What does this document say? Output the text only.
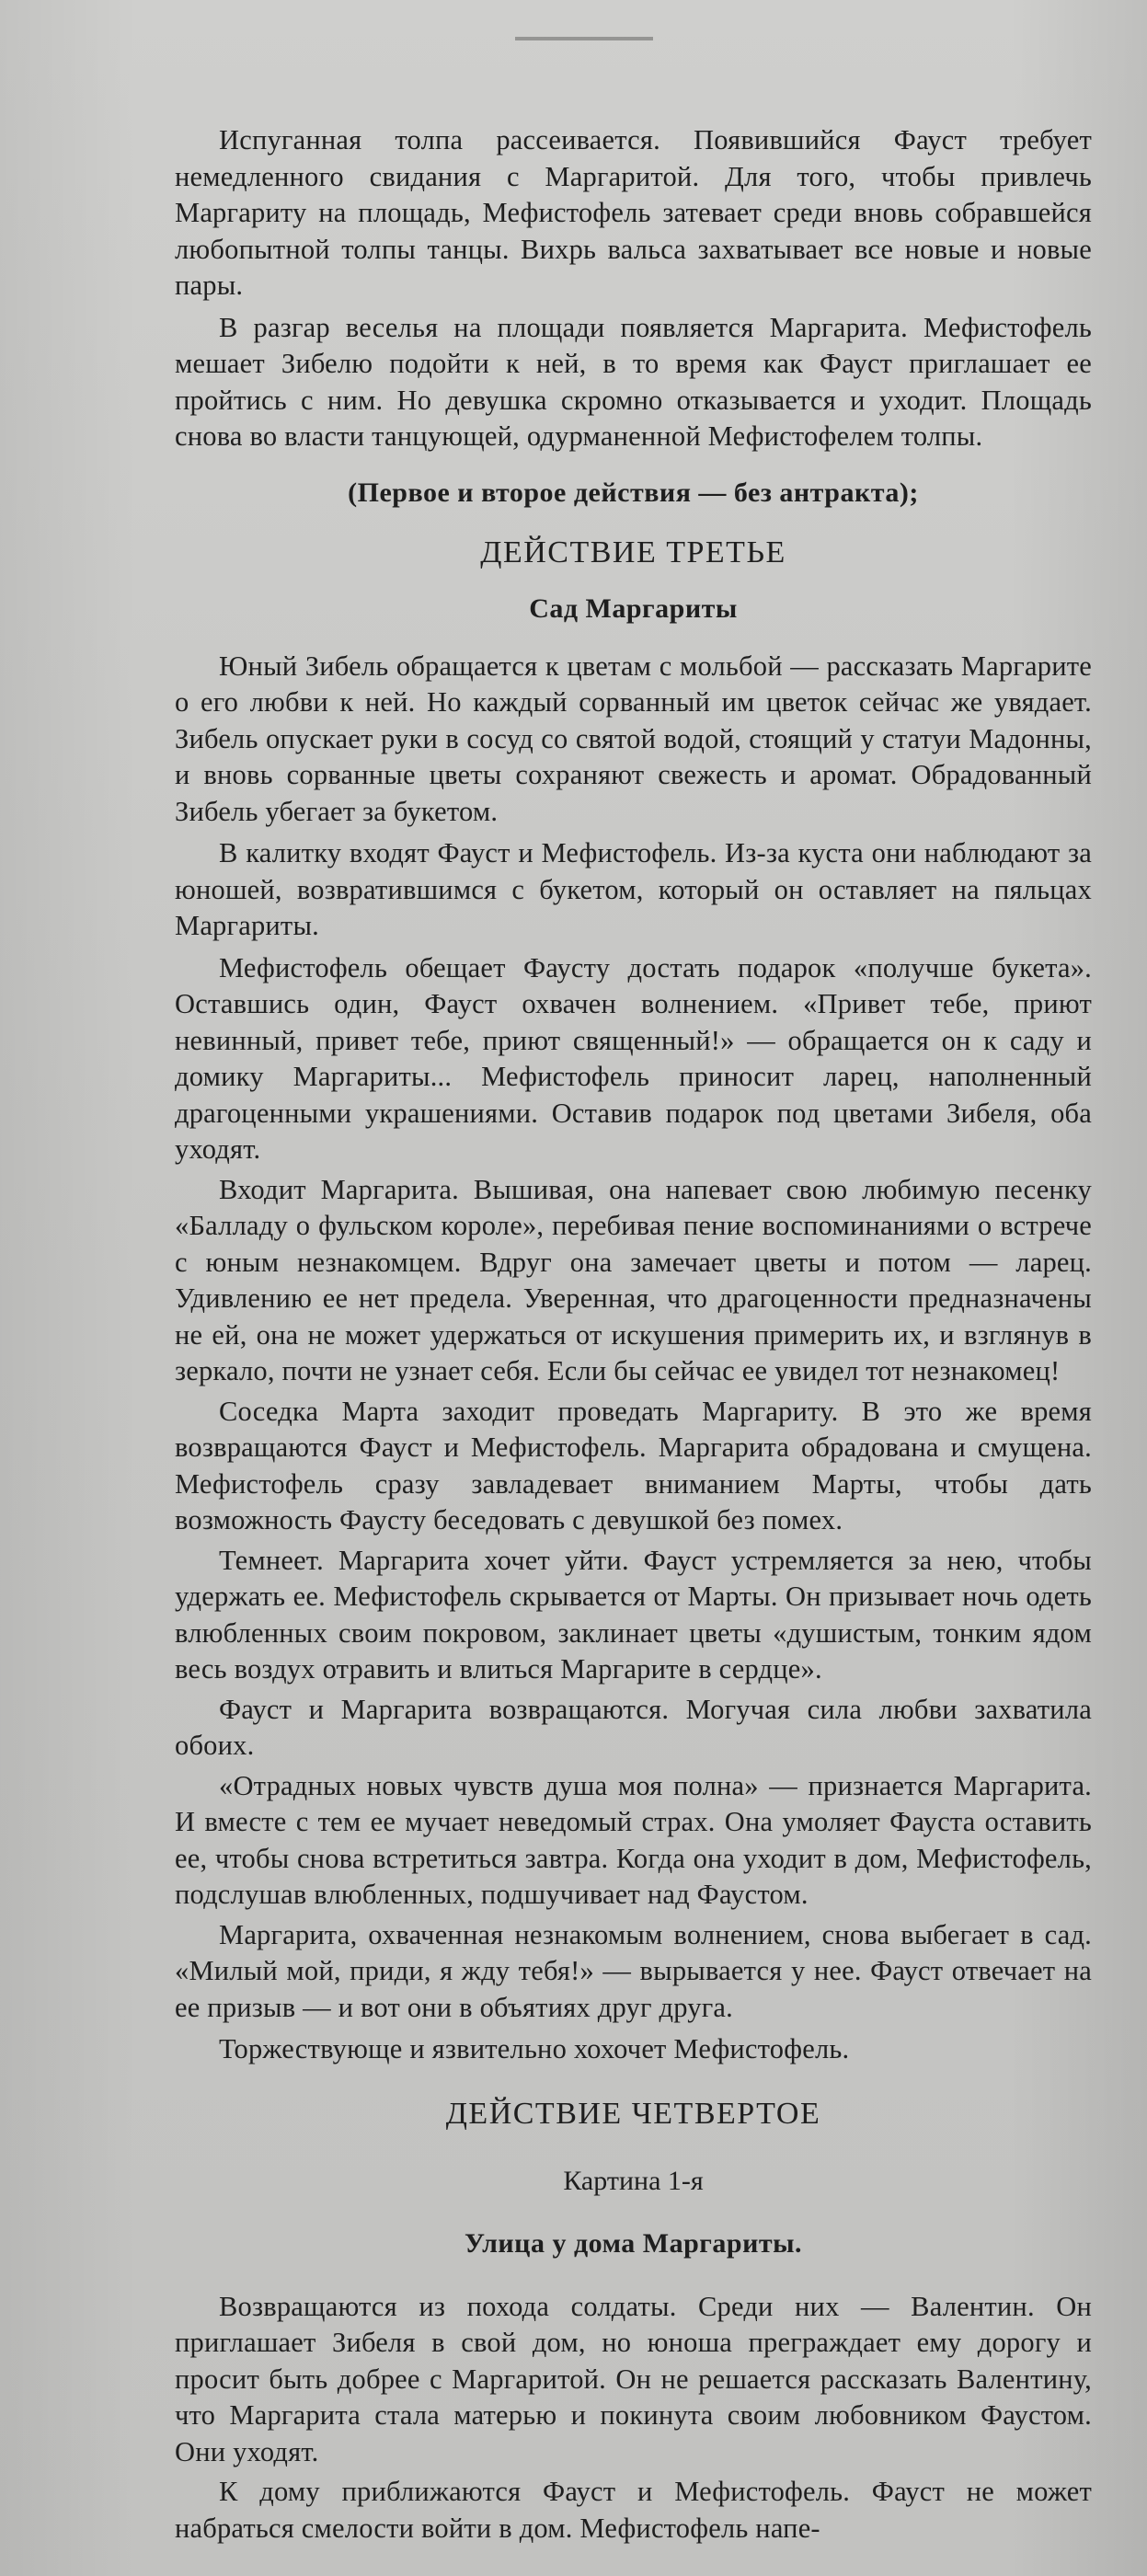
Испуганная толпа рассеивается. Появившийся Фауст требует немедленного свидания с Маргаритой. Для того, чтобы привлечь Маргариту на площадь, Мефистофель затевает среди вновь собравшейся любопытной толпы танцы. Вихрь вальса захватывает все новые и новые пары.

В разгар веселья на площади появляется Маргарита. Мефистофель мешает Зибелю подойти к ней, в то время как Фауст приглашает ее пройтись с ним. Но девушка скромно отказывается и уходит. Площадь снова во власти танцующей, одурманенной Мефистофелем толпы.

(Первое и второе действия — без антракта);

ДЕЙСТВИЕ ТРЕТЬЕ
Сад Маргариты

Юный Зибель обращается к цветам с мольбой — рассказать Маргарите о его любви к ней. Но каждый сорванный им цветок сейчас же увядает. Зибель опускает руки в сосуд со святой водой, стоящий у статуи Мадонны, и вновь сорванные цветы сохраняют свежесть и аромат. Обрадованный Зибель убегает за букетом.

В калитку входят Фауст и Мефистофель. Из-за куста они наблюдают за юношей, возвратившимся с букетом, который он оставляет на пяльцах Маргариты.

Мефистофель обещает Фаусту достать подарок «получше букета». Оставшись один, Фауст охвачен волнением. «Привет тебе, приют невинный, привет тебе, приют священный!» — обращается он к саду и домику Маргариты... Мефистофель приносит ларец, наполненный драгоценными украшениями. Оставив подарок под цветами Зибеля, оба уходят.

Входит Маргарита. Вышивая, она напевает свою любимую песенку «Балладу о фульском короле», перебивая пение воспоминаниями о встрече с юным незнакомцем. Вдруг она замечает цветы и потом — ларец. Удивлению ее нет предела. Уверенная, что драгоценности предназначены не ей, она не может удержаться от искушения примерить их, и взглянув в зеркало, почти не узнает себя. Если бы сейчас ее увидел тот незнакомец!

Соседка Марта заходит проведать Маргариту. В это же время возвращаются Фауст и Мефистофель. Маргарита обрадована и смущена. Мефистофель сразу завладевает вниманием Марты, чтобы дать возможность Фаусту беседовать с девушкой без помех.

Темнеет. Маргарита хочет уйти. Фауст устремляется за нею, чтобы удержать ее. Мефистофель скрывается от Марты. Он призывает ночь одеть влюбленных своим покровом, заклинает цветы «душистым, тонким ядом весь воздух отравить и влиться Маргарите в сердце».

Фауст и Маргарита возвращаются. Могучая сила любви захватила обоих.

«Отрадных новых чувств душа моя полна» — признается Маргарита. И вместе с тем ее мучает неведомый страх. Она умоляет Фауста оставить ее, чтобы снова встретиться завтра. Когда она уходит в дом, Мефистофель, подслушав влюбленных, подшучивает над Фаустом.

Маргарита, охваченная незнакомым волнением, снова выбегает в сад. «Милый мой, приди, я жду тебя!» — вырывается у нее. Фауст отвечает на ее призыв — и вот они в объятиях друг друга.

Торжествующе и язвительно хохочет Мефистофель.

ДЕЙСТВИЕ ЧЕТВЕРТОЕ

Картина 1-я

Улица у дома Маргариты.

Возвращаются из похода солдаты. Среди них — Валентин. Он приглашает Зибеля в свой дом, но юноша преграждает ему дорогу и просит быть добрее с Маргаритой. Он не решается рассказать Валентину, что Маргарита стала матерью и покинута своим любовником Фаустом. Они уходят.

К дому приближаются Фауст и Мефистофель. Фауст не может набраться смелости войти в дом. Мефистофель напе-
